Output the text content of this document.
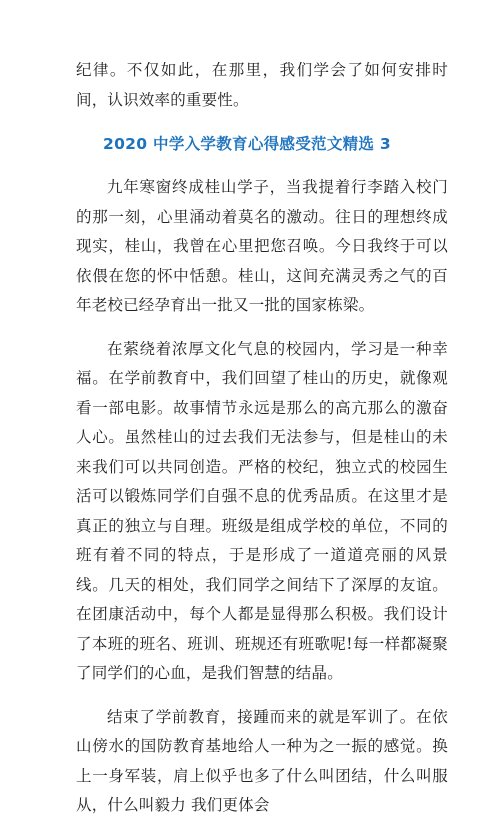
纪律。不仅如此，在那里，我们学会了如何安排时间，认识效率的重要性。

2020 中学入学教育心得感受范文精选 3

九年寒窗终成桂山学子，当我提着行李踏入校门的那一刻，心里涌动着莫名的激动。往日的理想终成现实，桂山，我曾在心里把您召唤。今日我终于可以依偎在您的怀中恬憩。桂山，这间充满灵秀之气的百年老校已经孕育出一批又一批的国家栋梁。

在萦绕着浓厚文化气息的校园内，学习是一种幸福。在学前教育中，我们回望了桂山的历史，就像观看一部电影。故事情节永远是那么的高亢那么的激奋人心。虽然桂山的过去我们无法参与，但是桂山的未来我们可以共同创造。严格的校纪，独立式的校园生活可以锻炼同学们自强不息的优秀品质。在这里才是真正的独立与自理。班级是组成学校的单位，不同的班有着不同的特点，于是形成了一道道亮丽的风景线。几天的相处，我们同学之间结下了深厚的友谊。在团康活动中，每个人都是显得那么积极。我们设计了本班的班名、班训、班规还有班歌呢!每一样都凝聚了同学们的心血，是我们智慧的结晶。

结束了学前教育，接踵而来的就是军训了。在依山傍水的国防教育基地给人一种为之一振的感觉。换上一身军装，肩上似乎也多了什么叫团结，什么叫服从，什么叫毅力 我们更体会
